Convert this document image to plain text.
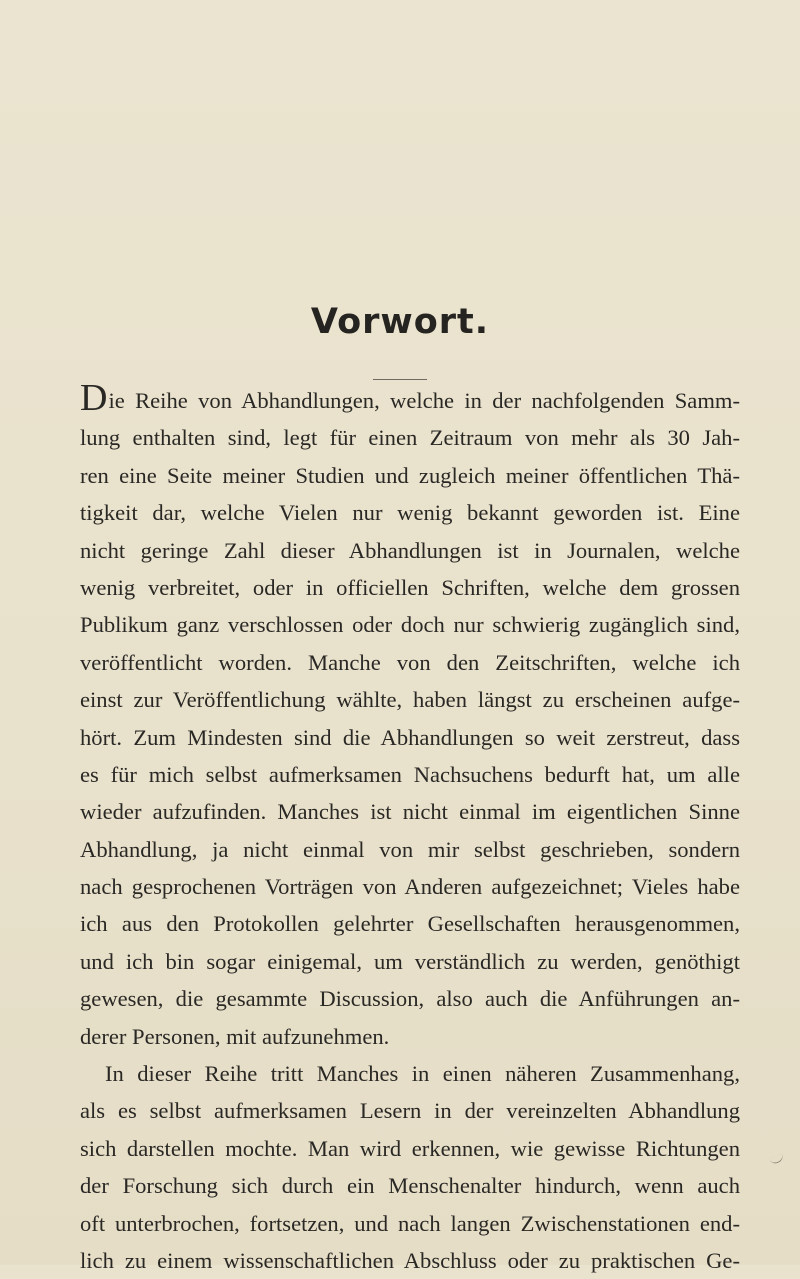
Vorwort.
Die Reihe von Abhandlungen, welche in der nachfolgenden Samm-
lung enthalten sind, legt für einen Zeitraum von mehr als 30 Jah-
ren eine Seite meiner Studien und zugleich meiner öffentlichen Thä-
tigkeit dar, welche Vielen nur wenig bekannt geworden ist. Eine
nicht geringe Zahl dieser Abhandlungen ist in Journalen, welche
wenig verbreitet, oder in officiellen Schriften, welche dem grossen
Publikum ganz verschlossen oder doch nur schwierig zugänglich sind,
veröffentlicht worden. Manche von den Zeitschriften, welche ich
einst zur Veröffentlichung wählte, haben längst zu erscheinen aufge-
hört. Zum Mindesten sind die Abhandlungen so weit zerstreut, dass
es für mich selbst aufmerksamen Nachsuchens bedurft hat, um alle
wieder aufzufinden. Manches ist nicht einmal im eigentlichen Sinne
Abhandlung, ja nicht einmal von mir selbst geschrieben, sondern
nach gesprochenen Vorträgen von Anderen aufgezeichnet; Vieles habe
ich aus den Protokollen gelehrter Gesellschaften herausgenommen,
und ich bin sogar einigemal, um verständlich zu werden, genöthigt
gewesen, die gesammte Discussion, also auch die Anführungen an-
derer Personen, mit aufzunehmen.
In dieser Reihe tritt Manches in einen näheren Zusammenhang,
als es selbst aufmerksamen Lesern in der vereinzelten Abhandlung
sich darstellen mochte. Man wird erkennen, wie gewisse Richtungen
der Forschung sich durch ein Menschenalter hindurch, wenn auch
oft unterbrochen, fortsetzen, und nach langen Zwischenstationen end-
lich zu einem wissenschaftlichen Abschluss oder zu praktischen Ge-
